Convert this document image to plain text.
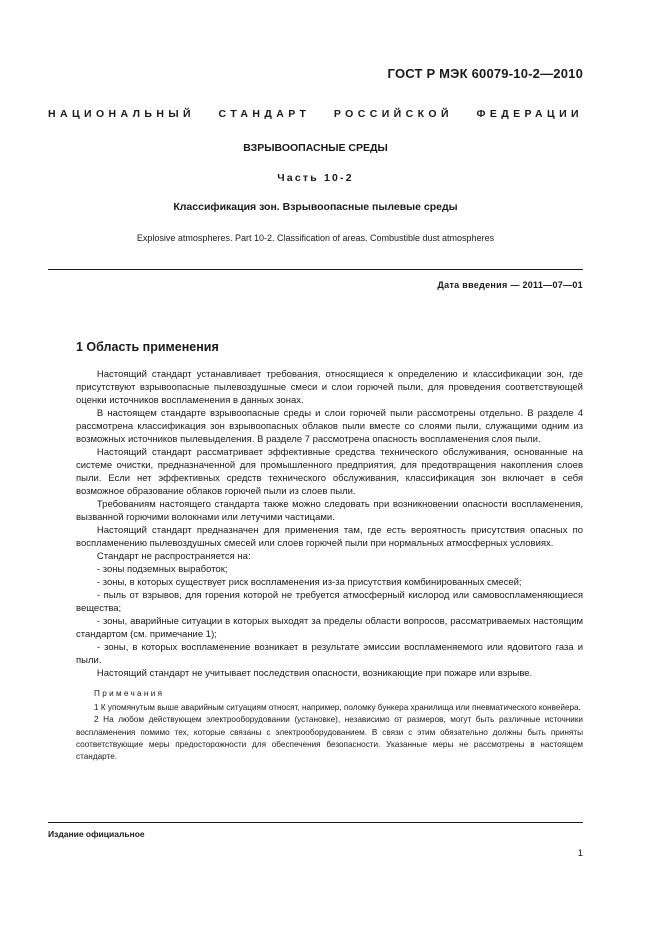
ГОСТ Р МЭК 60079-10-2—2010
НАЦИОНАЛЬНЫЙ СТАНДАРТ РОССИЙСКОЙ ФЕДЕРАЦИИ
ВЗРЫВООПАСНЫЕ СРЕДЫ
Часть 10-2
Классификация зон. Взрывоопасные пылевые среды
Explosive atmospheres. Part 10-2. Classification of areas. Combustible dust atmospheres
Дата введения — 2011—07—01
1 Область применения

Настоящий стандарт устанавливает требования, относящиеся к определению и классификации зон, где присутствуют взрывоопасные пылевоздушные смеси и слои горючей пыли, для проведения соответствующей оценки источников воспламенения в данных зонах.

В настоящем стандарте взрывоопасные среды и слои горючей пыли рассмотрены отдельно. В разделе 4 рассмотрена классификация зон взрывоопасных облаков пыли вместе со слоями пыли, служащими одним из возможных источников пылевыделения. В разделе 7 рассмотрена опасность воспламенения слоя пыли.

Настоящий стандарт рассматривает эффективные средства технического обслуживания, основанные на системе очистки, предназначенной для промышленного предприятия, для предотвращения накопления слоев пыли. Если нет эффективных средств технического обслуживания, классификация зон включает в себя возможное образование облаков горючей пыли из слоев пыли.

Требованиям настоящего стандарта также можно следовать при возникновении опасности воспламенения, вызванной горючими волокнами или летучими частицами.

Настоящий стандарт предназначен для применения там, где есть вероятность присутствия опасных по воспламенению пылевоздушных смесей или слоев горючей пыли при нормальных атмосферных условиях.

Стандарт не распространяется на:

- зоны подземных выработок;

- зоны, в которых существует риск воспламенения из-за присутствия комбинированных смесей;

- пыль от взрывов, для горения которой не требуется атмосферный кислород или самовоспламеняющиеся вещества;

- зоны, аварийные ситуации в которых выходят за пределы области вопросов, рассматриваемых настоящим стандартом (см. примечание 1);

- зоны, в которых воспламенение возникает в результате эмиссии воспламеняемого или ядовитого газа и пыли.

Настоящий стандарт не учитывает последствия опасности, возникающие при пожаре или взрыве.

Примечания

1 К упомянутым выше аварийным ситуациям относят, например, поломку бункера хранилища или пневматического конвейера.

2 На любом действующем электрооборудовании (установке), независимо от размеров, могут быть различные источники воспламенения помимо тех, которые связаны с электрооборудованием. В связи с этим обязательно должны быть приняты соответствующие меры предосторожности для обеспечения безопасности. Указанные меры не рассмотрены в настоящем стандарте.

Издание официальное
1
